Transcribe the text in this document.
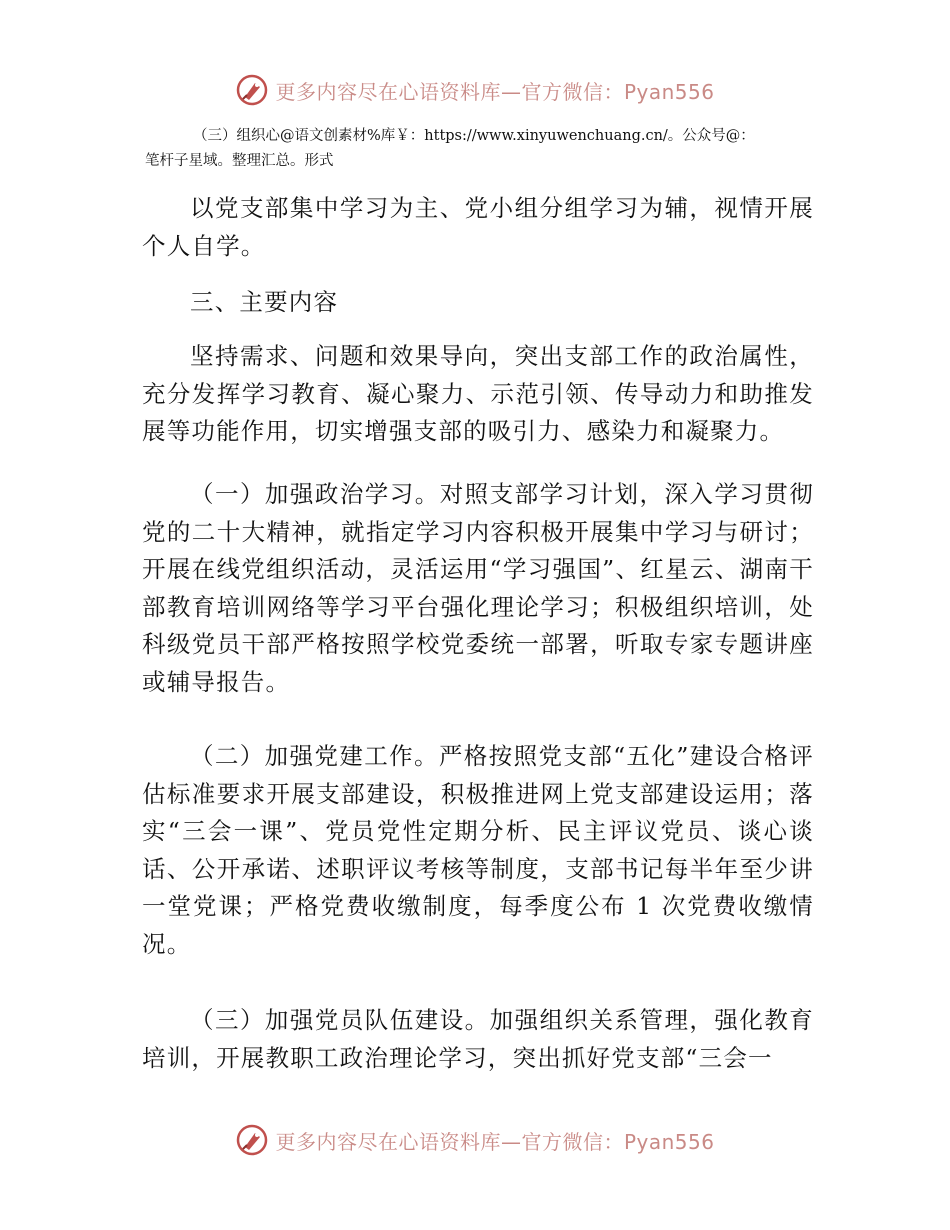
更多内容尽在心语资料库—官方微信：Pyan556
（三）组织心@语文创素材%库￥：https://www.xinyuwenchuang.cn/。公众号@：
笔杆子星域。整理汇总。形式

以党支部集中学习为主、党小组分组学习为辅，视情开展个人自学。

三、主要内容

坚持需求、问题和效果导向，突出支部工作的政治属性，充分发挥学习教育、凝心聚力、示范引领、传导动力和助推发展等功能作用，切实增强支部的吸引力、感染力和凝聚力。

（一）加强政治学习。对照支部学习计划，深入学习贯彻党的二十大精神，就指定学习内容积极开展集中学习与研讨；开展在线党组织活动，灵活运用“学习强国”、红星云、湖南干部教育培训网络等学习平台强化理论学习；积极组织培训，处科级党员干部严格按照学校党委统一部署，听取专家专题讲座或辅导报告。

（二）加强党建工作。严格按照党支部“五化”建设合格评估标准要求开展支部建设，积极推进网上党支部建设运用；落实“三会一课”、党员党性定期分析、民主评议党员、谈心谈话、公开承诺、述职评议考核等制度，支部书记每半年至少讲一堂党课；严格党费收缴制度，每季度公布 1 次党费收缴情况。

（三）加强党员队伍建设。加强组织关系管理，强化教育培训，开展教职工政治理论学习，突出抓好党支部“三会一

更多内容尽在心语资料库—官方微信：Pyan556
